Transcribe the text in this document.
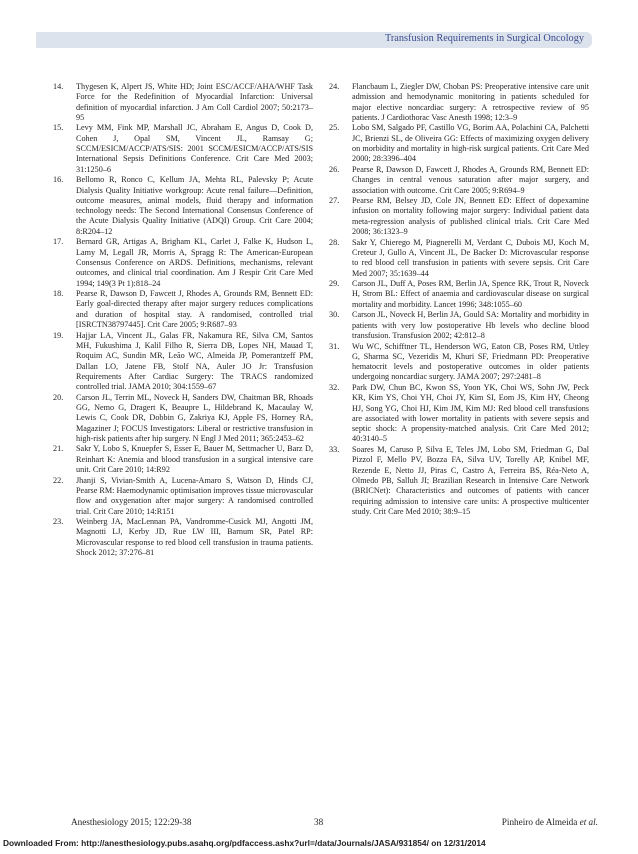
Transfusion Requirements in Surgical Oncology
14. Thygesen K, Alpert JS, White HD; Joint ESC/ACCF/AHA/WHF Task Force for the Redefinition of Myocardial Infarction: Universal definition of myocardial infarction. J Am Coll Cardiol 2007; 50:2173–95
15. Levy MM, Fink MP, Marshall JC, Abraham E, Angus D, Cook D, Cohen J, Opal SM, Vincent JL, Ramsay G; SCCM/ESICM/ACCP/ATS/SIS: 2001 SCCM/ESICM/ACCP/ATS/SIS International Sepsis Definitions Conference. Crit Care Med 2003; 31:1250–6
16. Bellomo R, Ronco C, Kellum JA, Mehta RL, Palevsky P; Acute Dialysis Quality Initiative workgroup: Acute renal failure—Definition, outcome measures, animal models, fluid therapy and information technology needs: The Second International Consensus Conference of the Acute Dialysis Quality Initiative (ADQI) Group. Crit Care 2004; 8:R204–12
17. Bernard GR, Artigas A, Brigham KL, Carlet J, Falke K, Hudson L, Lamy M, Legall JR, Morris A, Spragg R: The American-European Consensus Conference on ARDS. Definitions, mechanisms, relevant outcomes, and clinical trial coordination. Am J Respir Crit Care Med 1994; 149(3 Pt 1):818–24
18. Pearse R, Dawson D, Fawcett J, Rhodes A, Grounds RM, Bennett ED: Early goal-directed therapy after major surgery reduces complications and duration of hospital stay. A randomised, controlled trial [ISRCTN38797445]. Crit Care 2005; 9:R687–93
19. Hajjar LA, Vincent JL, Galas FR, Nakamura RE, Silva CM, Santos MH, Fukushima J, Kalil Filho R, Sierra DB, Lopes NH, Mauad T, Roquim AC, Sundin MR, Leão WC, Almeida JP, Pomerantzeff PM, Dallan LO, Jatene FB, Stolf NA, Auler JO Jr: Transfusion Requirements After Cardiac Surgery: The TRACS randomized controlled trial. JAMA 2010; 304:1559–67
20. Carson JL, Terrin ML, Noveck H, Sanders DW, Chaitman BR, Rhoads GG, Nemo G, Dragert K, Beaupre L, Hildebrand K, Macaulay W, Lewis C, Cook DR, Dobbin G, Zakriya KJ, Apple FS, Horney RA, Magaziner J; FOCUS Investigators: Liberal or restrictive transfusion in high-risk patients after hip surgery. N Engl J Med 2011; 365:2453–62
21. Sakr Y, Lobo S, Knuepfer S, Esser E, Bauer M, Settmacher U, Barz D, Reinhart K: Anemia and blood transfusion in a surgical intensive care unit. Crit Care 2010; 14:R92
22. Jhanji S, Vivian-Smith A, Lucena-Amaro S, Watson D, Hinds CJ, Pearse RM: Haemodynamic optimisation improves tissue microvascular flow and oxygenation after major surgery: A randomised controlled trial. Crit Care 2010; 14:R151
23. Weinberg JA, MacLennan PA, Vandromme-Cusick MJ, Angotti JM, Magnotti LJ, Kerby JD, Rue LW III, Barnum SR, Patel RP: Microvascular response to red blood cell transfusion in trauma patients. Shock 2012; 37:276–81
24. Flancbaum L, Ziegler DW, Choban PS: Preoperative intensive care unit admission and hemodynamic monitoring in patients scheduled for major elective noncardiac surgery: A retrospective review of 95 patients. J Cardiothorac Vasc Anesth 1998; 12:3–9
25. Lobo SM, Salgado PF, Castillo VG, Borim AA, Polachini CA, Palchetti JC, Brienzi SL, de Oliveira GG: Effects of maximizing oxygen delivery on morbidity and mortality in high-risk surgical patients. Crit Care Med 2000; 28:3396–404
26. Pearse R, Dawson D, Fawcett J, Rhodes A, Grounds RM, Bennett ED: Changes in central venous saturation after major surgery, and association with outcome. Crit Care 2005; 9:R694–9
27. Pearse RM, Belsey JD, Cole JN, Bennett ED: Effect of dopexamine infusion on mortality following major surgery: Individual patient data meta-regression analysis of published clinical trials. Crit Care Med 2008; 36:1323–9
28. Sakr Y, Chierego M, Piagnerelli M, Verdant C, Dubois MJ, Koch M, Creteur J, Gullo A, Vincent JL, De Backer D: Microvascular response to red blood cell transfusion in patients with severe sepsis. Crit Care Med 2007; 35:1639–44
29. Carson JL, Duff A, Poses RM, Berlin JA, Spence RK, Trout R, Noveck H, Strom BL: Effect of anaemia and cardiovascular disease on surgical mortality and morbidity. Lancet 1996; 348:1055–60
30. Carson JL, Noveck H, Berlin JA, Gould SA: Mortality and morbidity in patients with very low postoperative Hb levels who decline blood transfusion. Transfusion 2002; 42:812–8
31. Wu WC, Schifftner TL, Henderson WG, Eaton CB, Poses RM, Uttley G, Sharma SC, Vezeridis M, Khuri SF, Friedmann PD: Preoperative hematocrit levels and postoperative outcomes in older patients undergoing noncardiac surgery. JAMA 2007; 297:2481–8
32. Park DW, Chun BC, Kwon SS, Yoon YK, Choi WS, Sohn JW, Peck KR, Kim YS, Choi YH, Choi JY, Kim SI, Eom JS, Kim HY, Cheong HJ, Song YG, Choi HJ, Kim JM, Kim MJ: Red blood cell transfusions are associated with lower mortality in patients with severe sepsis and septic shock: A propensity-matched analysis. Crit Care Med 2012; 40:3140–5
33. Soares M, Caruso P, Silva E, Teles JM, Lobo SM, Friedman G, Dal Pizzol F, Mello PV, Bozza FA, Silva UV, Torelly AP, Knibel MF, Rezende E, Netto JJ, Piras C, Castro A, Ferreira BS, Réa-Neto A, Olmedo PB, Salluh JI; Brazilian Research in Intensive Care Network (BRICNet): Characteristics and outcomes of patients with cancer requiring admission to intensive care units: A prospective multicenter study. Crit Care Med 2010; 38:9–15
Anesthesiology 2015; 122:29-38	38	Pinheiro de Almeida et al.
Downloaded From: http://anesthesiology.pubs.asahq.org/pdfaccess.ashx?url=/data/Journals/JASA/931854/ on 12/31/2014
